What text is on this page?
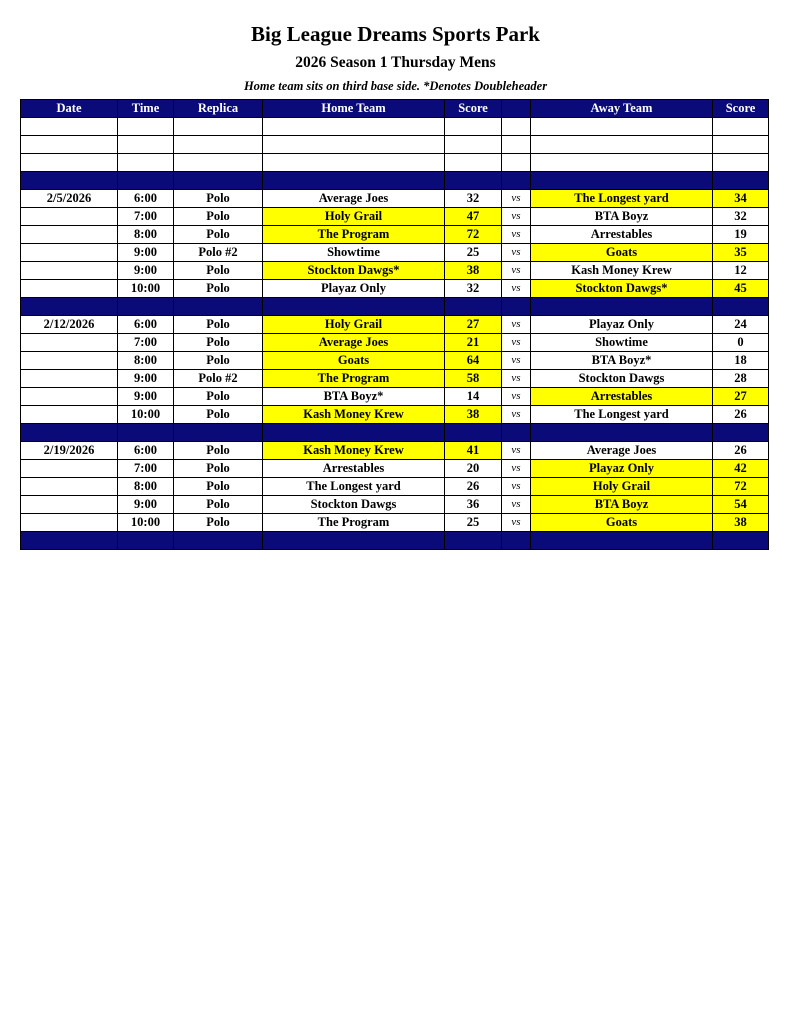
Big League Dreams Sports Park
2026 Season 1 Thursday Mens
Home team sits on third base side. *Denotes Doubleheader
Date	Time	Replica	Home Team	Score		Away Team	Score

2/5/2026	6:00	Polo	Average Joes	32	vs	The Longest yard	34
	7:00	Polo	Holy Grail	47	vs	BTA Boyz	32
	8:00	Polo	The Program	72	vs	Arrestables	19
	9:00	Polo #2	Showtime	25	vs	Goats	35
	9:00	Polo	Stockton Dawgs*	38	vs	Kash Money Krew	12
	10:00	Polo	Playaz Only	32	vs	Stockton Dawgs*	45

2/12/2026	6:00	Polo	Holy Grail	27	vs	Playaz Only	24
	7:00	Polo	Average Joes	21	vs	Showtime	0
	8:00	Polo	Goats	64	vs	BTA Boyz*	18
	9:00	Polo #2	The Program	58	vs	Stockton Dawgs	28
	9:00	Polo	BTA Boyz*	14	vs	Arrestables	27
	10:00	Polo	Kash Money Krew	38	vs	The Longest yard	26

2/19/2026	6:00	Polo	Kash Money Krew	41	vs	Average Joes	26
	7:00	Polo	Arrestables	20	vs	Playaz Only	42
	8:00	Polo	The Longest yard	26	vs	Holy Grail	72
	9:00	Polo	Stockton Dawgs	36	vs	BTA Boyz	54
	10:00	Polo	The Program	25	vs	Goats	38
